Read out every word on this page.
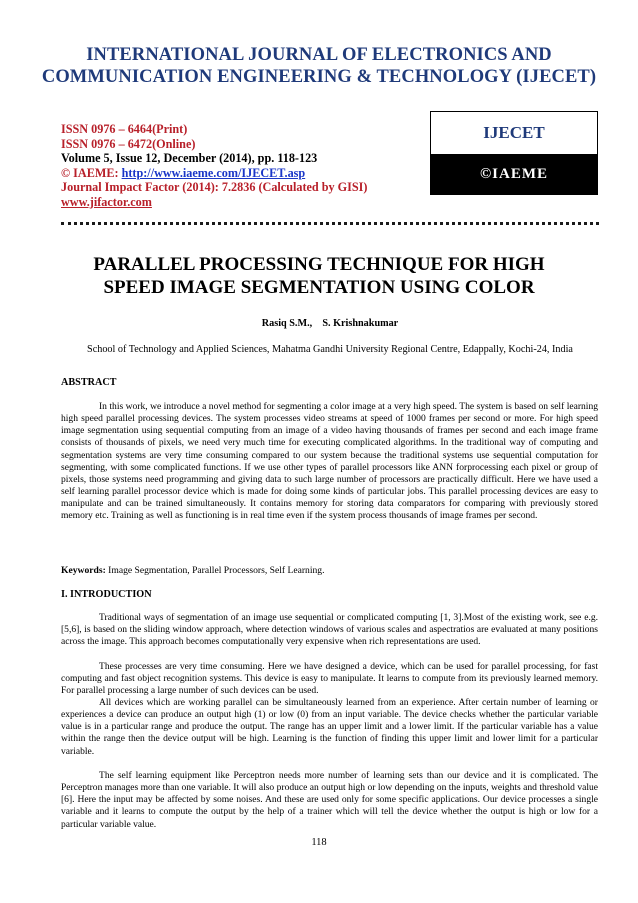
INTERNATIONAL JOURNAL OF ELECTRONICS AND
COMMUNICATION ENGINEERING & TECHNOLOGY (IJECET)
ISSN 0976 – 6464(Print)
ISSN 0976 – 6472(Online)
Volume 5, Issue 12, December (2014), pp. 118-123
© IAEME: http://www.iaeme.com/IJECET.asp
Journal Impact Factor (2014): 7.2836 (Calculated by GISI)
www.jifactor.com
IJECET
©IAEME
PARALLEL PROCESSING TECHNIQUE FOR HIGH
SPEED IMAGE SEGMENTATION USING COLOR
Rasiq S.M.,    S. Krishnakumar
School of Technology and Applied Sciences, Mahatma Gandhi University Regional Centre, Edappally, Kochi-24, India
ABSTRACT
In this work, we introduce a novel method for segmenting a color image at a very high speed. The system is based on self learning high speed parallel processing devices. The system processes video streams at speed of 1000 frames per second or more. For high speed image segmentation using sequential computing from an image of a video having thousands of frames per second and each image frame consists of thousands of pixels, we need very much time for executing complicated algorithms. In the traditional way of computing and segmentation systems are very time consuming compared to our system because the traditional systems use sequential computation for segmenting, with some complicated functions. If we use other types of parallel processors like ANN forprocessing each pixel or group of pixels, those systems need programming and giving data to such large number of processors are practically difficult. Here we have used a self learning parallel processor device which is made for doing some kinds of particular jobs. This parallel processing devices are easy to manipulate and can be trained simultaneously. It contains memory for storing data comparators for comparing with previously stored memory etc. Training as well as functioning is in real time even if the system process thousands of image frames per second.
Keywords: Image Segmentation, Parallel Processors, Self Learning.
I. INTRODUCTION
Traditional ways of segmentation of an image use sequential or complicated computing [1, 3].Most of the existing work, see e.g. [5,6], is based on the sliding window approach, where detection windows of various scales and aspectratios are evaluated at many positions across the image. This approach becomes computationally very expensive when rich representations are used.
These processes are very time consuming. Here we have designed a device, which can be used for parallel processing, for fast computing and fast object recognition systems. This device is easy to manipulate. It learns to compute from its previously learned memory. For parallel processing a large number of such devices can be used.
All devices which are working parallel can be simultaneously learned from an experience. After certain number of learning or experiences a device can produce an output high (1) or low (0) from an input variable. The device checks whether the particular variable value is in a particular range and produce the output. The range has an upper limit and a lower limit. If the particular variable has a value within the range then the device output will be high. Learning is the function of finding this upper limit and lower limit for a particular variable.
The self learning equipment like Perceptron needs more number of learning sets than our device and it is complicated. The Perceptron manages more than one variable. It will also produce an output high or low depending on the inputs, weights and threshold value [6]. Here the input may be affected by some noises. And these are used only for some specific applications. Our device processes a single variable and it learns to compute the output by the help of a trainer which will tell the device whether the output is high or low for a particular variable value.
118
